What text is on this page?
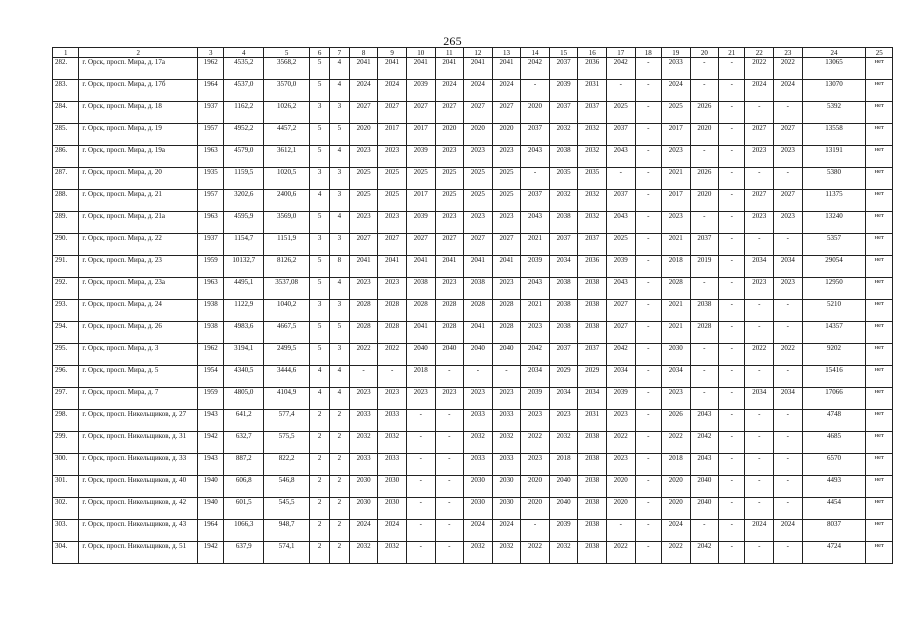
265
1	2	3	4	5	6	7	8	9	10	11	12	13	14	15	16	17	18	19	20	21	22	23	24	25
282.	г. Орск, просп. Мира, д. 17а	1962	4535,2	3568,2	5	4	2041	2041	2041	2041	2041	2041	2042	2037	2036	2042	-	2033	-	-	2022	2022	13065	нет
283.	г. Орск, просп. Мира, д. 17б	1964	4537,0	3570,0	5	4	2024	2024	2039	2024	2024	2024	-	2039	2031	-	-	2024	-	-	2024	2024	13070	нет
284.	г. Орск, просп. Мира, д. 18	1937	1162,2	1026,2	3	3	2027	2027	2027	2027	2027	2027	2020	2037	2037	2025	-	2025	2026	-	-	-	5392	нет
285.	г. Орск, просп. Мира, д. 19	1957	4952,2	4457,2	5	5	2020	2017	2017	2020	2020	2020	2037	2032	2032	2037	-	2017	2020	-	2027	2027	13558	нет
286.	г. Орск, просп. Мира, д. 19а	1963	4579,0	3612,1	5	4	2023	2023	2039	2023	2023	2023	2043	2038	2032	2043	-	2023	-	-	2023	2023	13191	нет
287.	г. Орск, просп. Мира, д. 20	1935	1159,5	1020,5	3	3	2025	2025	2025	2025	2025	2025	-	2035	2035	-	-	2021	2026	-	-	-	5380	нет
288.	г. Орск, просп. Мира, д. 21	1957	3202,6	2400,6	4	3	2025	2025	2017	2025	2025	2025	2037	2032	2032	2037	-	2017	2020	-	2027	2027	11375	нет
289.	г. Орск, просп. Мира, д. 21а	1963	4595,9	3569,0	5	4	2023	2023	2039	2023	2023	2023	2043	2038	2032	2043	-	2023	-	-	2023	2023	13240	нет
290.	г. Орск, просп. Мира, д. 22	1937	1154,7	1151,9	3	3	2027	2027	2027	2027	2027	2027	2021	2037	2037	2025	-	2021	2037	-	-	-	5357	нет
291.	г. Орск, просп. Мира, д. 23	1959	10132,7	8126,2	5	8	2041	2041	2041	2041	2041	2041	2039	2034	2036	2039	-	2018	2019	-	2034	2034	29054	нет
292.	г. Орск, просп. Мира, д. 23а	1963	4495,1	3537,08	5	4	2023	2023	2038	2023	2038	2023	2043	2038	2038	2043	-	2028	-	-	2023	2023	12950	нет
293.	г. Орск, просп. Мира, д. 24	1938	1122,9	1040,2	3	3	2028	2028	2028	2028	2028	2028	2021	2038	2038	2027	-	2021	2038	-	-	-	5210	нет
294.	г. Орск, просп. Мира, д. 26	1938	4983,6	4667,5	5	5	2028	2028	2041	2028	2041	2028	2023	2038	2038	2027	-	2021	2028	-	-	-	14357	нет
295.	г. Орск, просп. Мира, д. 3	1962	3194,1	2499,5	5	3	2022	2022	2040	2040	2040	2040	2042	2037	2037	2042	-	2030	-	-	2022	2022	9202	нет
296.	г. Орск, просп. Мира, д. 5	1954	4340,5	3444,6	4	4	-	-	2018	-	-	-	2034	2029	2029	2034	-	2034	-	-	-	-	15416	нет
297.	г. Орск, просп. Мира, д. 7	1959	4805,0	4104,9	4	4	2023	2023	2023	2023	2023	2023	2039	2034	2034	2039	-	2023	-	-	2034	2034	17066	нет
298.	г. Орск, просп. Никельщиков, д. 27	1943	641,2	577,4	2	2	2033	2033	-	-	2033	2033	2023	2023	2031	2023	-	2026	2043	-	-	-	4748	нет
299.	г. Орск, просп. Никельщиков, д. 31	1942	632,7	575,5	2	2	2032	2032	-	-	2032	2032	2022	2032	2038	2022	-	2022	2042	-	-	-	4685	нет
300.	г. Орск, просп. Никельщиков, д. 33	1943	887,2	822,2	2	2	2033	2033	-	-	2033	2033	2023	2018	2038	2023	-	2018	2043	-	-	-	6570	нет
301.	г. Орск, просп. Никельщиков, д. 40	1940	606,8	546,8	2	2	2030	2030	-	-	2030	2030	2020	2040	2038	2020	-	2020	2040	-	-	-	4493	нет
302.	г. Орск, просп. Никельщиков, д. 42	1940	601,5	545,5	2	2	2030	2030	-	-	2030	2030	2020	2040	2038	2020	-	2020	2040	-	-	-	4454	нет
303.	г. Орск, просп. Никельщиков, д. 43	1964	1066,3	948,7	2	2	2024	2024	-	-	2024	2024	-	2039	2038	-	-	2024	-	-	2024	2024	8037	нет
304.	г. Орск, просп. Никельщиков, д. 51	1942	637,9	574,1	2	2	2032	2032	-	-	2032	2032	2022	2032	2038	2022	-	2022	2042	-	-	-	4724	нет
